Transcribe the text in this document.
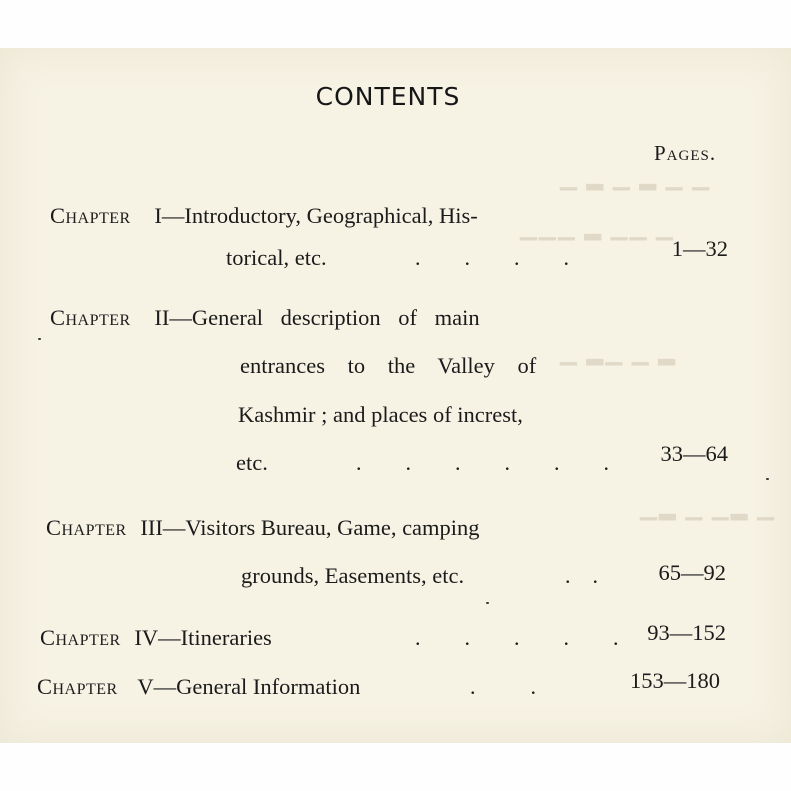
▁ ▂ ▁ ▂ ▁ ▁
▁▁▁ ▂ ▁▁ ▁
▁ ▂▁ ▁ ▂
▁▂ ▁ ▁▂ ▁
CONTENTS
Pages.
Chapter I—Introductory, Geographical, His-
torical, etc.	.        .        .        .	1—32
Chapter II—General description of main
entrances to the Valley of
Kashmir ; and places of increst,
etc.	.        .        .        .        .        .	33—64
Chapter III—Visitors Bureau, Game, camping
grounds, Easements, etc.	.    .	65—92
Chapter IV—Itineraries	.        .        .        .        .	93—152
Chapter V—General Information	.          .	153—180
